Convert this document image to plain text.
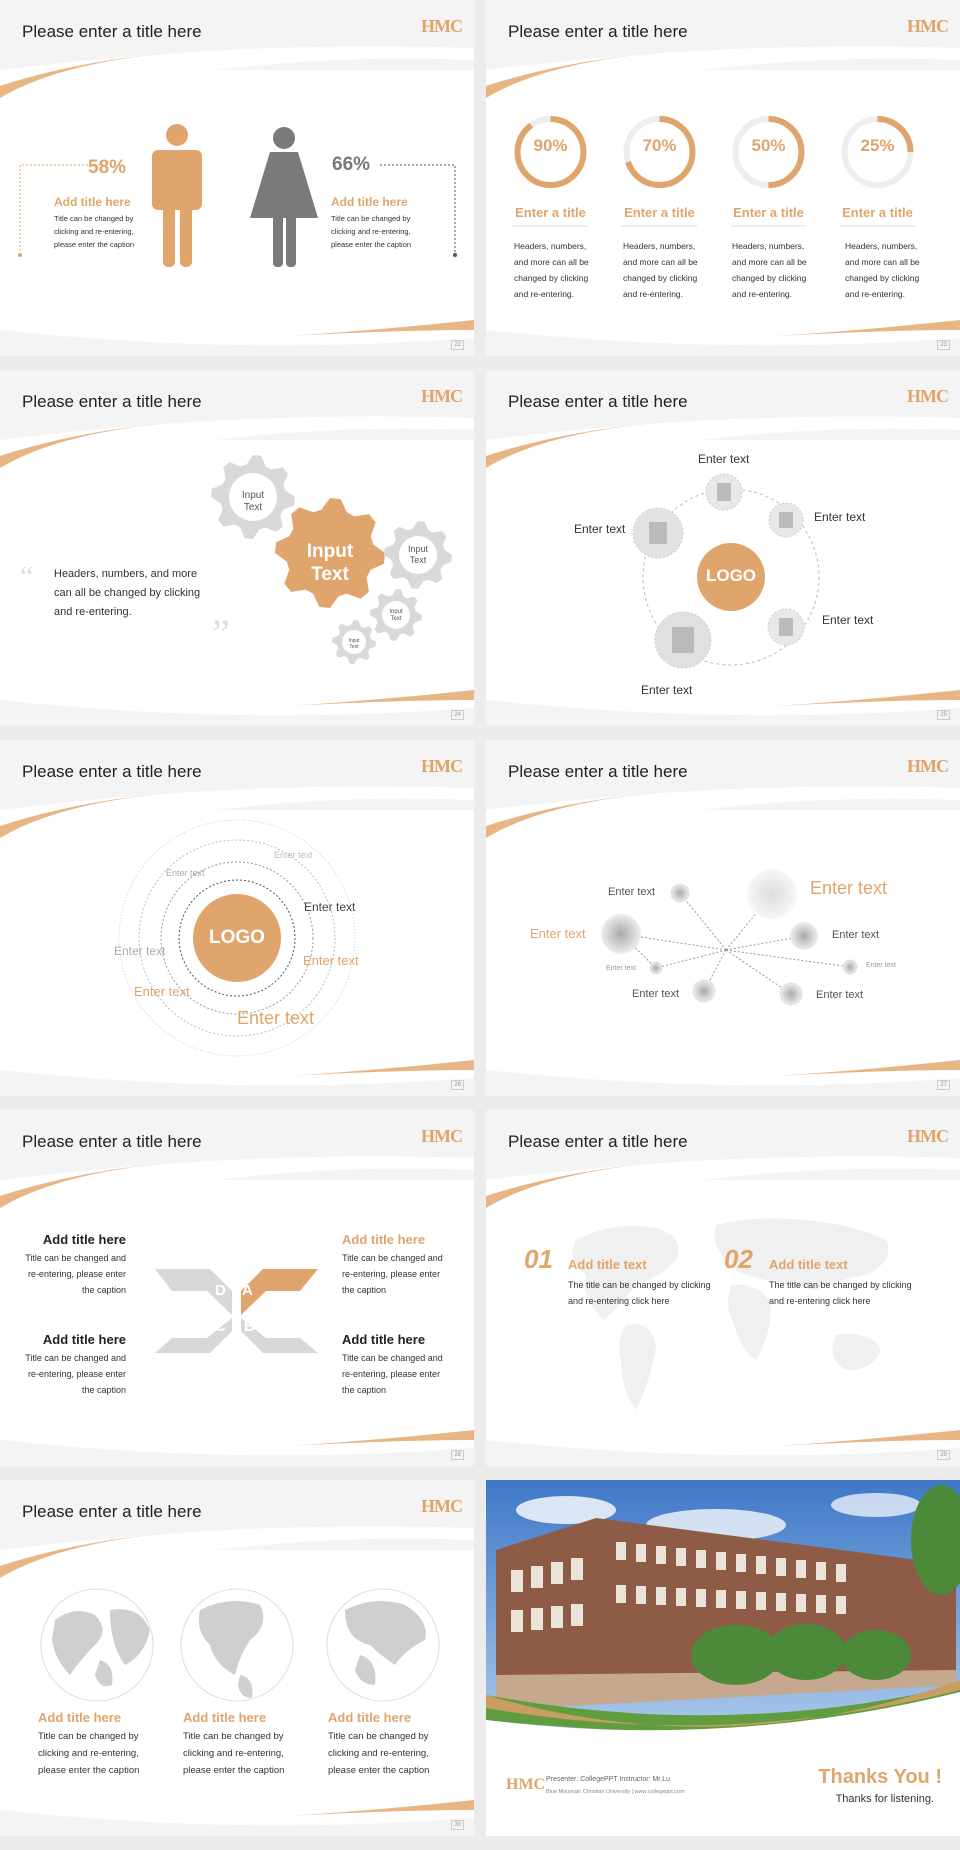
Please enter a title here	HMC
58%	66%
Add title here
Title can be changed by
clicking and re-entering,
please enter the caption
Add title here
Title can be changed by
clicking and re-entering,
please enter the caption
22
Please enter a title here	HMC
90%	70%	50%	25%
Enter a title	Enter a title	Enter a title	Enter a title
Headers, numbers,
and more can all be
changed by clicking
and re-entering.
Headers, numbers,
and more can all be
changed by clicking
and re-entering.
Headers, numbers,
and more can all be
changed by clicking
and re-entering.
Headers, numbers,
and more can all be
changed by clicking
and re-entering.
23
Please enter a title here	HMC
“
”
Headers, numbers, and more
can all be changed by clicking
and re-entering.
Input
Text
Input
Text
Input
Text
Input
Text
Input
Text
24
Please enter a title here	HMC
LOGO
Enter text
Enter text
Enter text
Enter text
Enter text
25
Please enter a title here	HMC
LOGO
Enter text
Enter text
Enter text
Enter text
Enter text
Enter text
Enter text
26
Please enter a title here	HMC
Enter text	Enter text
Enter text	Enter text
Enter text	Enter text
Enter text	Enter text
27
Please enter a title here	HMC
A
B
C
D
Add title here
Title can be changed and
re-entering, please enter
the caption
Add title here
Title can be changed and
re-entering, please enter
the caption
Add title here
Title can be changed and
re-entering, please enter
the caption
Add title here
Title can be changed and
re-entering, please enter
the caption
28
Please enter a title here	HMC
01 Add title text
The title can be changed by clicking
and re-entering click here
02 Add title text
The title can be changed by clicking
and re-entering click here
29
Please enter a title here	HMC
Add title here
Title can be changed by
clicking and re-entering,
please enter the caption
Add title here
Title can be changed by
clicking and re-entering,
please enter the caption
Add title here
Title can be changed by
clicking and re-entering,
please enter the caption
30
HMC Presenter: CollegePPT Instructor: Mr.Lu
Blue Mountain Christian University | www.collegeppt.com
Thanks You !
Thanks for listening.
